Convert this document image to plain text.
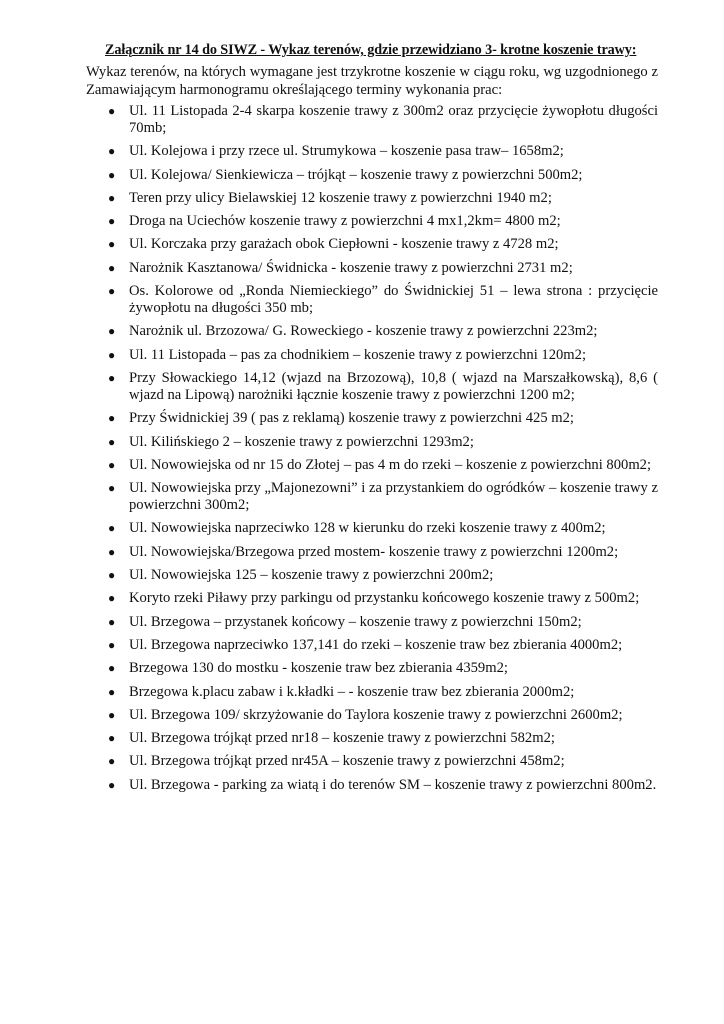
Załącznik nr 14 do SIWZ - Wykaz terenów, gdzie przewidziano 3- krotne koszenie trawy:

Wykaz terenów, na których wymagane jest trzykrotne koszenie w ciągu roku, wg uzgodnionego z Zamawiającym harmonogramu określającego terminy wykonania prac:

● Ul. 11 Listopada 2-4 skarpa koszenie trawy z 300m2 oraz przycięcie żywopłotu długości 70mb;
● Ul. Kolejowa i przy rzece ul. Strumykowa – koszenie pasa traw– 1658m2;
● Ul. Kolejowa/ Sienkiewicza – trójkąt – koszenie trawy z powierzchni 500m2;
● Teren przy ulicy Bielawskiej 12 koszenie trawy z powierzchni 1940 m2;
● Droga na Uciechów koszenie trawy z powierzchni 4 mx1,2km= 4800 m2;
● Ul. Korczaka przy garażach obok Ciepłowni - koszenie trawy z 4728 m2;
● Narożnik Kasztanowa/ Świdnicka - koszenie trawy z powierzchni 2731 m2;
● Os. Kolorowe od „Ronda Niemieckiego” do Świdnickiej 51 – lewa strona : przycięcie żywopłotu na długości 350 mb;
● Narożnik ul. Brzozowa/ G. Roweckiego - koszenie trawy z powierzchni 223m2;
● Ul. 11 Listopada – pas za chodnikiem – koszenie trawy z powierzchni 120m2;
● Przy Słowackiego 14,12 (wjazd na Brzozową), 10,8 ( wjazd na Marszałkowską), 8,6 ( wjazd na Lipową) narożniki łącznie koszenie trawy z powierzchni 1200 m2;
● Przy Świdnickiej 39 ( pas z reklamą) koszenie trawy z powierzchni 425 m2;
● Ul. Kilińskiego 2 – koszenie trawy z powierzchni 1293m2;
● Ul. Nowowiejska od nr 15 do Złotej – pas 4 m do rzeki – koszenie z powierzchni 800m2;
● Ul. Nowowiejska przy „Majonezowni” i za przystankiem do ogródków – koszenie trawy z powierzchni 300m2;
● Ul. Nowowiejska naprzeciwko 128 w kierunku do rzeki koszenie trawy z 400m2;
● Ul. Nowowiejska/Brzegowa przed mostem- koszenie trawy z powierzchni 1200m2;
● Ul. Nowowiejska 125 – koszenie trawy z powierzchni 200m2;
● Koryto rzeki Piławy przy parkingu od przystanku końcowego koszenie trawy z 500m2;
● Ul. Brzegowa – przystanek końcowy – koszenie trawy z powierzchni 150m2;
● Ul. Brzegowa naprzeciwko 137,141 do rzeki – koszenie traw bez zbierania 4000m2;
● Brzegowa 130 do mostku - koszenie traw bez zbierania 4359m2;
● Brzegowa k.placu zabaw i k.kładki – - koszenie traw bez zbierania 2000m2;
● Ul. Brzegowa 109/ skrzyżowanie do Taylora koszenie trawy z powierzchni 2600m2;
● Ul. Brzegowa trójkąt przed nr18 – koszenie trawy z powierzchni 582m2;
● Ul. Brzegowa trójkąt przed nr45A – koszenie trawy z powierzchni 458m2;
● Ul. Brzegowa - parking za wiatą i do terenów SM – koszenie trawy z powierzchni 800m2.
